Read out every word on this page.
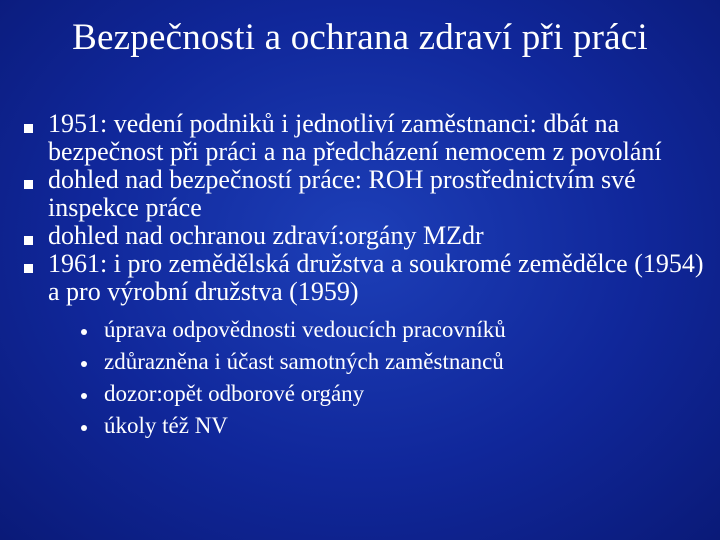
Bezpečnosti a ochrana zdraví při práci
1951: vedení podniků i jednotliví zaměstnanci: dbát na bezpečnost při práci a na předcházení nemocem z povolání
dohled nad bezpečností práce: ROH prostřednictvím své inspekce práce
dohled nad ochranou zdraví:orgány MZdr
1961: i pro zemědělská družstva a soukromé zemědělce (1954) a pro výrobní družstva (1959)
úprava odpovědnosti vedoucích pracovníků
zdůrazněna i účast samotných zaměstnanců
dozor:opět odborové orgány
úkoly též NV
